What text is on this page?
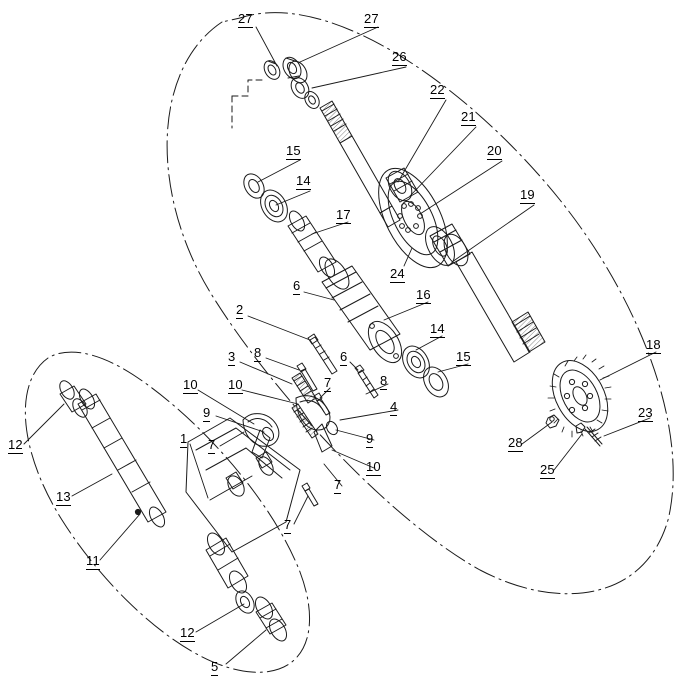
27	27
26
22
21
20
19
15
14
17
24
6
16
2
8
3
14
15
18
6
8
10 10	7
9	4	23
9
1 7
12
10
28
25
13
7
7
11
12
5
